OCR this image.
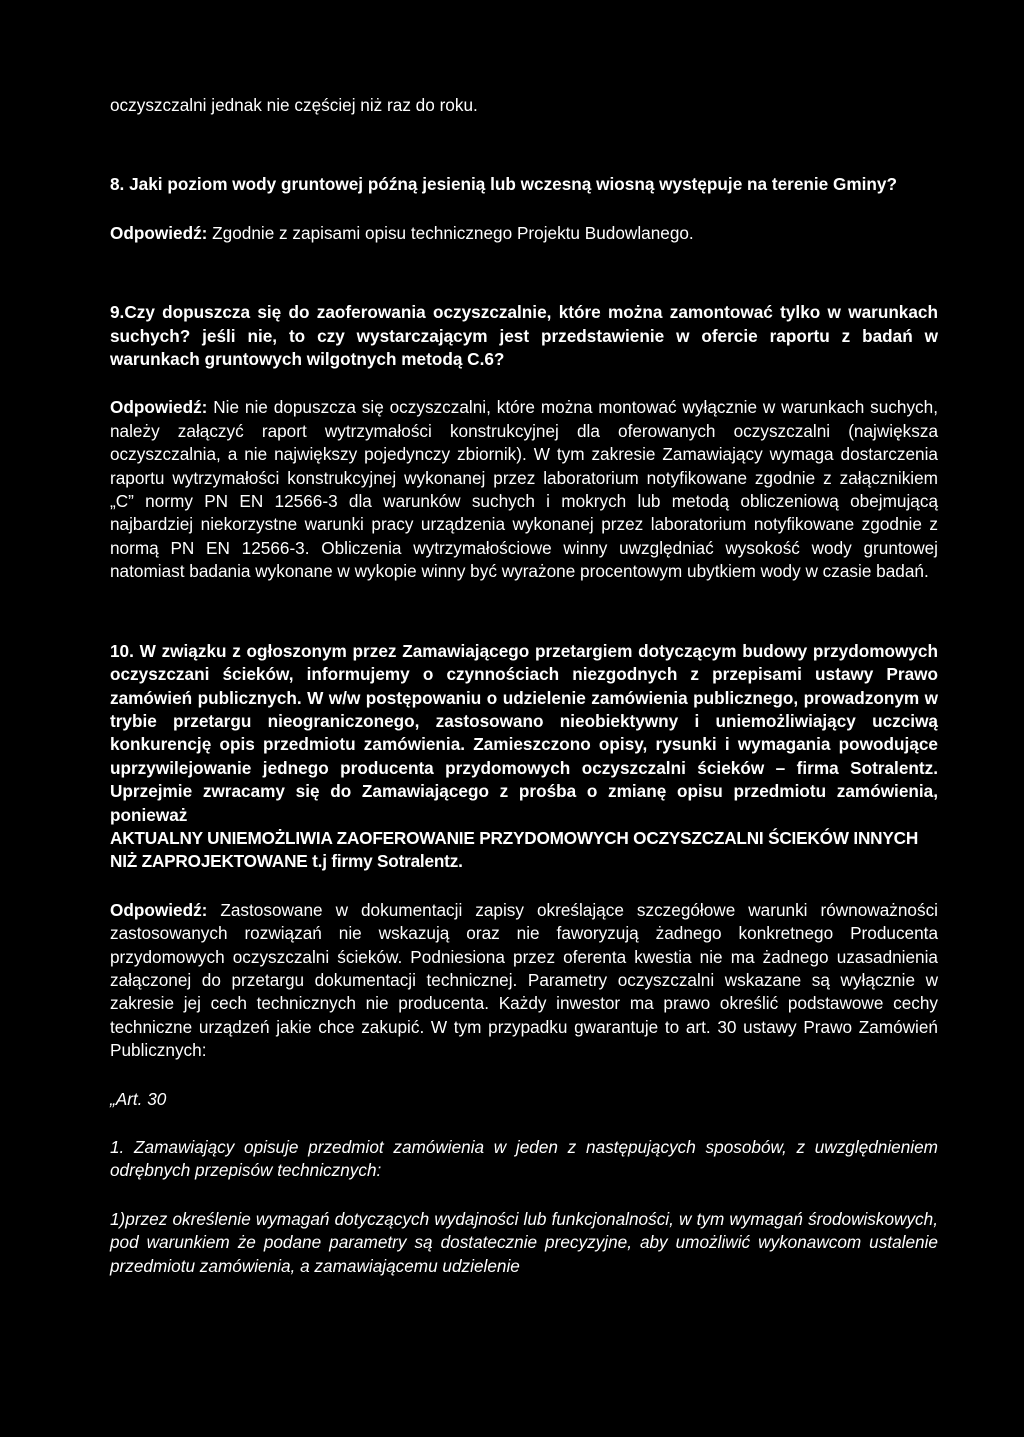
oczyszczalni jednak nie częściej niż raz do roku.

8. Jaki poziom wody gruntowej późną jesienią lub wczesną wiosną występuje na terenie Gminy?

Odpowiedź: Zgodnie z zapisami opisu technicznego Projektu Budowlanego.

9.Czy dopuszcza się do zaoferowania oczyszczalnie, które można zamontować tylko w warunkach suchych? jeśli nie, to czy wystarczającym jest przedstawienie w ofercie raportu z badań w warunkach gruntowych wilgotnych metodą C.6?

Odpowiedź: Nie nie dopuszcza się oczyszczalni, które można montować wyłącznie w warunkach suchych, należy załączyć raport wytrzymałości konstrukcyjnej dla oferowanych oczyszczalni (największa oczyszczalnia, a nie największy pojedynczy zbiornik). W tym zakresie Zamawiający wymaga dostarczenia raportu wytrzymałości konstrukcyjnej wykonanej przez laboratorium notyfikowane zgodnie z załącznikiem „C” normy PN EN 12566-3 dla warunków suchych i mokrych lub metodą obliczeniową obejmującą najbardziej niekorzystne warunki pracy urządzenia wykonanej przez laboratorium notyfikowane zgodnie z normą PN EN 12566-3. Obliczenia wytrzymałościowe winny uwzględniać wysokość wody gruntowej natomiast badania wykonane w wykopie winny być wyrażone procentowym ubytkiem wody w czasie badań.

10. W związku z ogłoszonym przez Zamawiającego przetargiem dotyczącym budowy przydomowych oczyszczani ścieków, informujemy o czynnościach niezgodnych z przepisami ustawy Prawo zamówień publicznych. W w/w postępowaniu o udzielenie zamówienia publicznego, prowadzonym w trybie przetargu nieograniczonego, zastosowano nieobiektywny i uniemożliwiający uczciwą konkurencję opis przedmiotu zamówienia. Zamieszczono opisy, rysunki i wymagania powodujące uprzywilejowanie jednego producenta przydomowych oczyszczalni ścieków – firma Sotralentz. Uprzejmie zwracamy się do Zamawiającego z prośba o zmianę opisu przedmiotu zamówienia, ponieważ

AKTUALNY UNIEMOŻLIWIA ZAOFEROWANIE PRZYDOMOWYCH OCZYSZCZALNI ŚCIEKÓW INNYCH NIŻ ZAPROJEKTOWANE t.j firmy Sotralentz.

Odpowiedź: Zastosowane w dokumentacji zapisy określające szczegółowe warunki równoważności zastosowanych rozwiązań nie wskazują oraz nie faworyzują żadnego konkretnego Producenta przydomowych oczyszczalni ścieków. Podniesiona przez oferenta kwestia nie ma żadnego uzasadnienia załączonej do przetargu dokumentacji technicznej. Parametry oczyszczalni wskazane są wyłącznie w zakresie jej cech technicznych nie producenta. Każdy inwestor ma prawo określić podstawowe cechy techniczne urządzeń jakie chce zakupić. W tym przypadku gwarantuje to art. 30 ustawy Prawo Zamówień Publicznych:

„Art. 30

1. Zamawiający opisuje przedmiot zamówienia w jeden z następujących sposobów, z uwzględnieniem odrębnych przepisów technicznych:

1)przez określenie wymagań dotyczących wydajności lub funkcjonalności, w tym wymagań środowiskowych, pod warunkiem że podane parametry są dostatecznie precyzyjne, aby umożliwić wykonawcom ustalenie przedmiotu zamówienia, a zamawiającemu udzielenie
